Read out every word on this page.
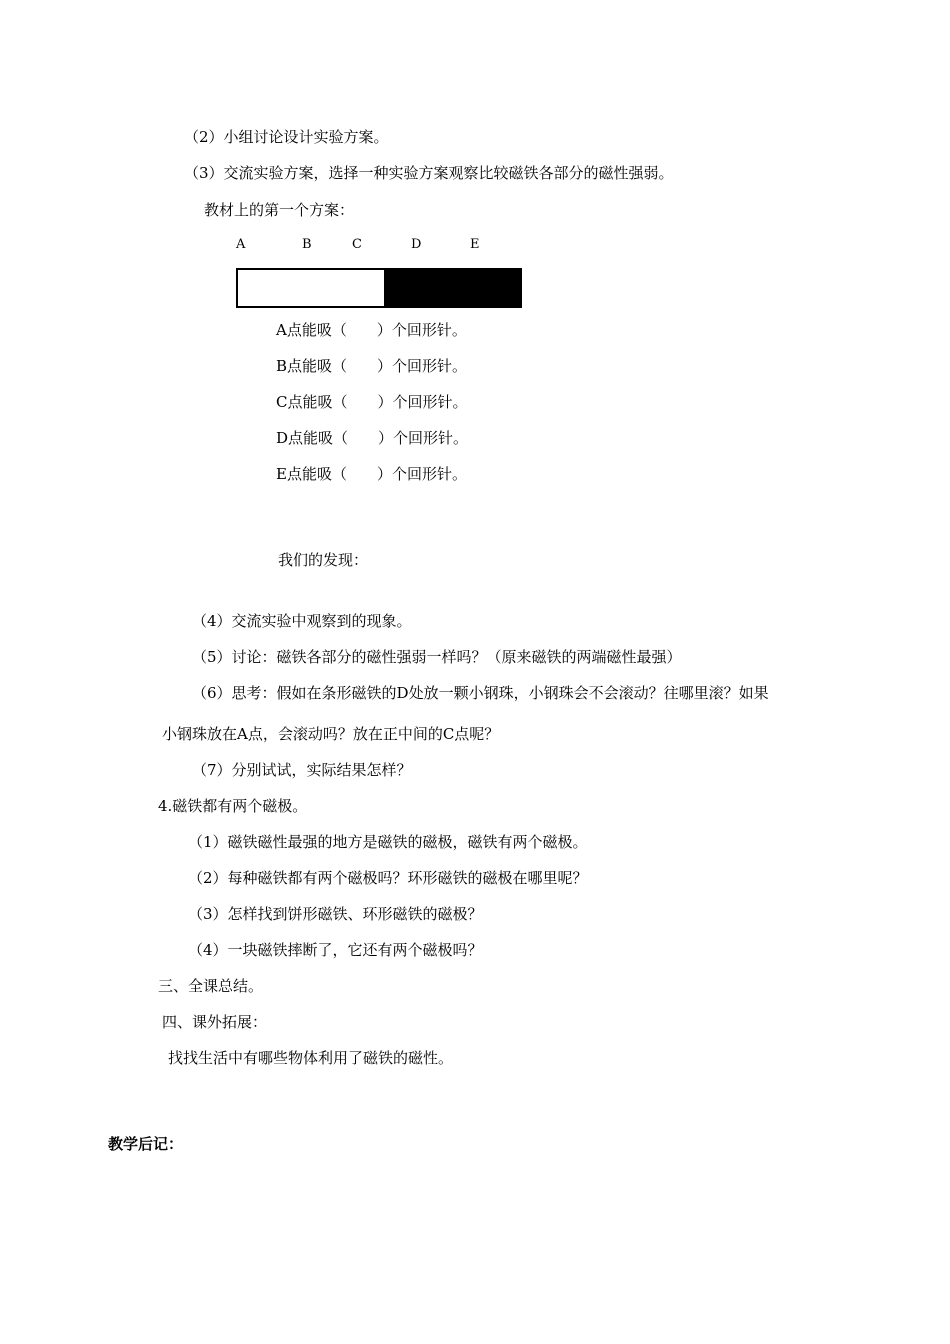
（2）小组讨论设计实验方案。
（3）交流实验方案，选择一种实验方案观察比较磁铁各部分的磁性强弱。
教材上的第一个方案：
A	B	C	D	E
A点能吸（　　）个回形针。
B点能吸（　　）个回形针。
C点能吸（　　）个回形针。
D点能吸（　　）个回形针。
E点能吸（　　）个回形针。
我们的发现：
（4）交流实验中观察到的现象。
（5）讨论：磁铁各部分的磁性强弱一样吗？（原来磁铁的两端磁性最强）
（6）思考：假如在条形磁铁的D处放一颗小钢珠，小钢珠会不会滚动？往哪里滚？如果
小钢珠放在A点，会滚动吗？放在正中间的C点呢？
（7）分别试试，实际结果怎样？
4.磁铁都有两个磁极。
（1）磁铁磁性最强的地方是磁铁的磁极，磁铁有两个磁极。
（2）每种磁铁都有两个磁极吗？环形磁铁的磁极在哪里呢？
（3）怎样找到饼形磁铁、环形磁铁的磁极？
（4）一块磁铁摔断了，它还有两个磁极吗？
三、全课总结。
四、课外拓展：
找找生活中有哪些物体利用了磁铁的磁性。
教学后记：
